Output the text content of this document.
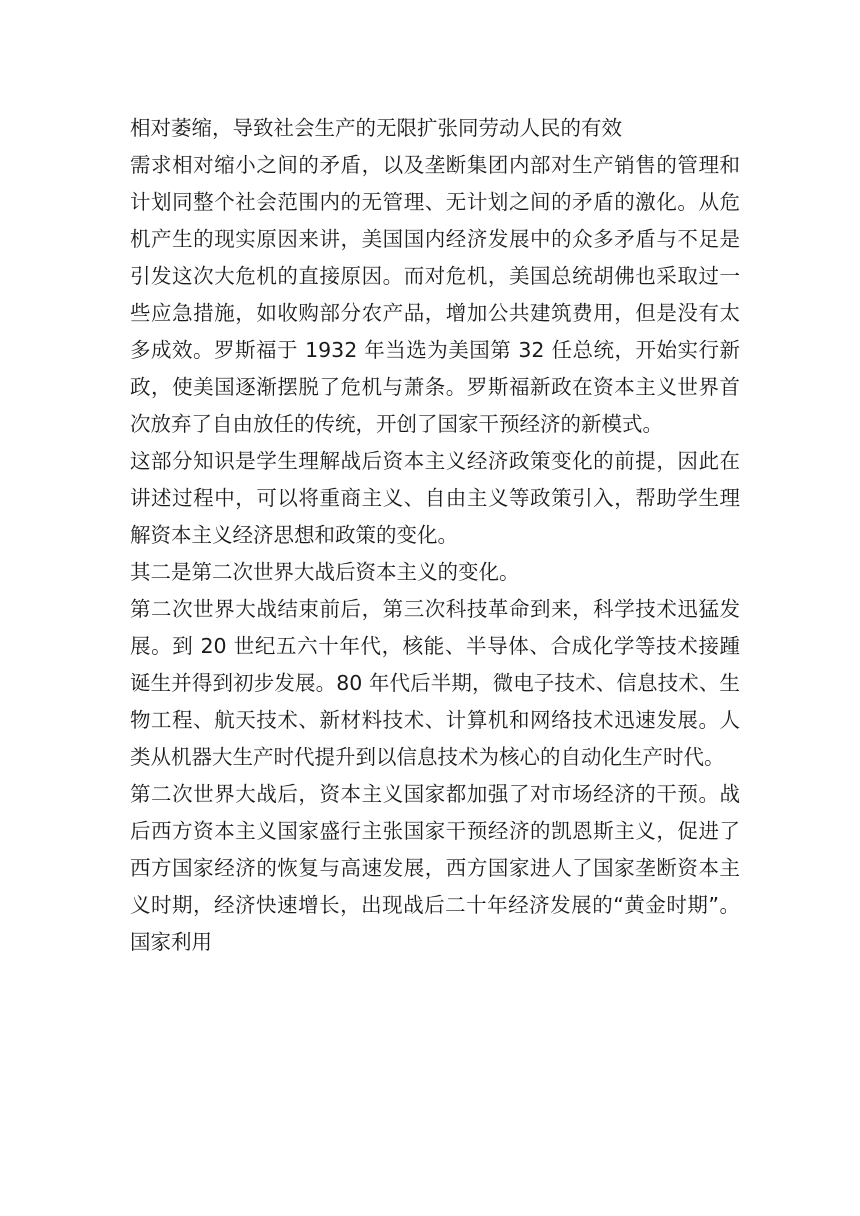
相对萎缩，导致社会生产的无限扩张同劳动人民的有效

需求相对缩小之间的矛盾，以及垄断集团内部对生产销售的管理和计划同整个社会范围内的无管理、无计划之间的矛盾的激化。从危机产生的现实原因来讲，美国国内经济发展中的众多矛盾与不足是引发这次大危机的直接原因。而对危机，美国总统胡佛也采取过一些应急措施，如收购部分农产品，增加公共建筑费用，但是没有太多成效。罗斯福于 1932 年当选为美国第 32 任总统，开始实行新政，使美国逐渐摆脱了危机与萧条。罗斯福新政在资本主义世界首次放弃了自由放任的传统，开创了国家干预经济的新模式。

这部分知识是学生理解战后资本主义经济政策变化的前提，因此在讲述过程中，可以将重商主义、自由主义等政策引入，帮助学生理解资本主义经济思想和政策的变化。

其二是第二次世界大战后资本主义的变化。

第二次世界大战结束前后，第三次科技革命到来，科学技术迅猛发展。到 20 世纪五六十年代，核能、半导体、合成化学等技术接踵诞生并得到初步发展。80 年代后半期，微电子技术、信息技术、生物工程、航天技术、新材料技术、计算机和网络技术迅速发展。人类从机器大生产时代提升到以信息技术为核心的自动化生产时代。

第二次世界大战后，资本主义国家都加强了对市场经济的干预。战后西方资本主义国家盛行主张国家干预经济的凯恩斯主义，促进了西方国家经济的恢复与高速发展，西方国家进人了国家垄断资本主义时期，经济快速增长，出现战后二十年经济发展的“黄金时期”。国家利用
